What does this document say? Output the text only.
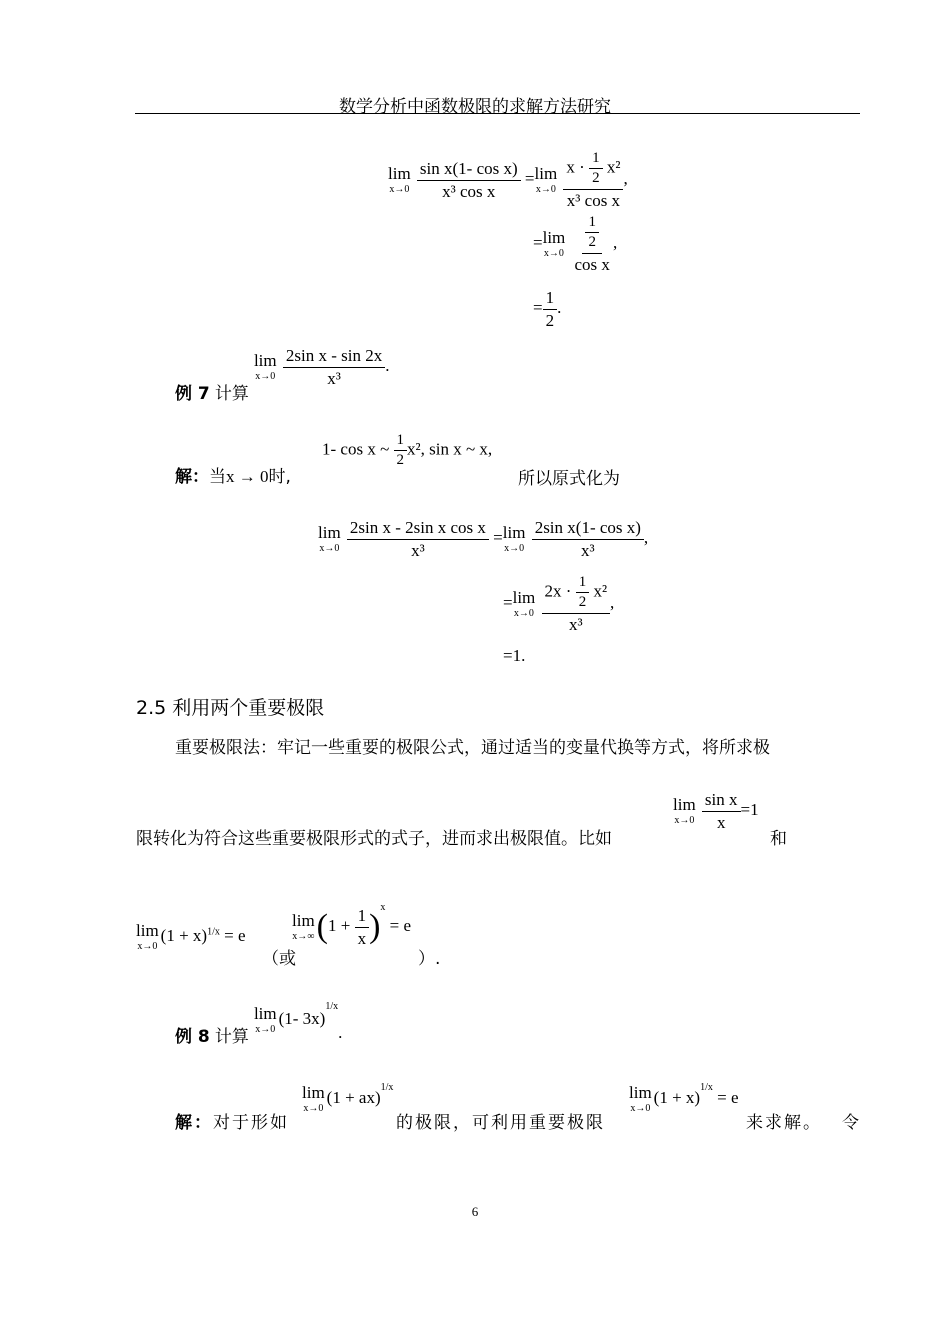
数学分析中函数极限的求解方法研究
lim
x→0
$\frac{\text{sin x(1- cos x)}}{\text{x³ cos x}} = \lim$
x→0
$\frac{x \cdot \frac{1}{2} x^2}{\text{x³ cos x}}$ ,
= lim
x→0
$\frac{\frac{1}{2}}{\text{cos x}}$ ,
= $\frac{1}{2}$ .
例 7 计算
lim
x→0
$\frac{\text{2sin x - sin 2x}}{\text{x³}}$ .
解：当x → 0时,
1- cos x ~ $\frac{1}{2} x^2$, sin x ~ x,
所以原式化为
lim
x→0
$\frac{\text{2sin x - 2sin x cos x}}{\text{x³}} = \lim$
x→0
$\frac{\text{2sin x(1- cos x)}}{\text{x³}}$ ,
= lim
x→0
$\frac{2x \cdot \frac{1}{2} x^2}{\text{x³}}$ ,
=1.
2.5 利用两个重要极限
重要极限法：牢记一些重要的极限公式，通过适当的变量代换等方式，将所求极
限转化为符合这些重要极限形式的式子，进而求出极限值。比如
lim
x→0
$\frac{\text{sin x}}{x} =1$
和
lim
x→0
$(1 + x)^{1/x} = e$
（或
lim
x→∞ $(1 + \frac{1}{x} )^x = e$
）.
例 8 计算
lim
x→0
(1- 3x)$^{1/x}$.
解：对于形如
lim
x→0
(1 + ax)$^{1/x}$
的极限，可利用重要极限
lim
x→0
$(1 + x)^{1/x} = e$
来求解。 令
6
